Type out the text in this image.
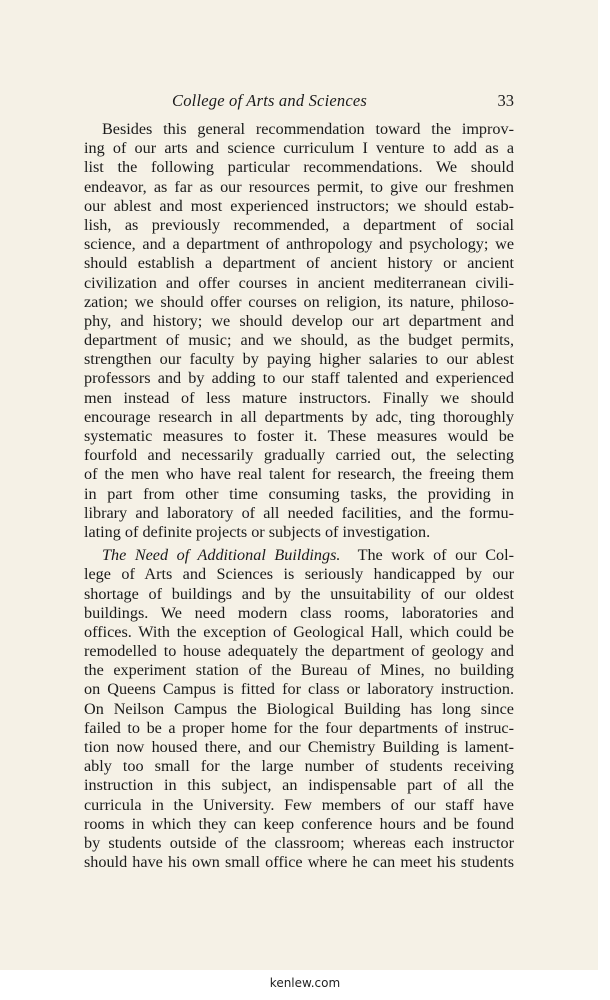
College of Arts and Sciences	33
Besides this general recommendation toward the improv-
ing of our arts and science curriculum I venture to add as a
list the following particular recommendations. We should
endeavor, as far as our resources permit, to give our freshmen
our ablest and most experienced instructors; we should estab-
lish, as previously recommended, a department of social
science, and a department of anthropology and psychology; we
should establish a department of ancient history or ancient
civilization and offer courses in ancient mediterranean civili-
zation; we should offer courses on religion, its nature, philoso-
phy, and history; we should develop our art department and
department of music; and we should, as the budget permits,
strengthen our faculty by paying higher salaries to our ablest
professors and by adding to our staff talented and experienced
men instead of less mature instructors. Finally we should
encourage research in all departments by adc, ting thoroughly
systematic measures to foster it. These measures would be
fourfold and necessarily gradually carried out, the selecting
of the men who have real talent for research, the freeing them
in part from other time consuming tasks, the providing in
library and laboratory of all needed facilities, and the formu-
lating of definite projects or subjects of investigation.
The Need of Additional Buildings. The work of our Col-
lege of Arts and Sciences is seriously handicapped by our
shortage of buildings and by the unsuitability of our oldest
buildings. We need modern class rooms, laboratories and
offices. With the exception of Geological Hall, which could be
remodelled to house adequately the department of geology and
the experiment station of the Bureau of Mines, no building
on Queens Campus is fitted for class or laboratory instruction.
On Neilson Campus the Biological Building has long since
failed to be a proper home for the four departments of instruc-
tion now housed there, and our Chemistry Building is lament-
ably too small for the large number of students receiving
instruction in this subject, an indispensable part of all the
curricula in the University. Few members of our staff have
rooms in which they can keep conference hours and be found
by students outside of the classroom; whereas each instructor
should have his own small office where he can meet his students
kenlew.com
